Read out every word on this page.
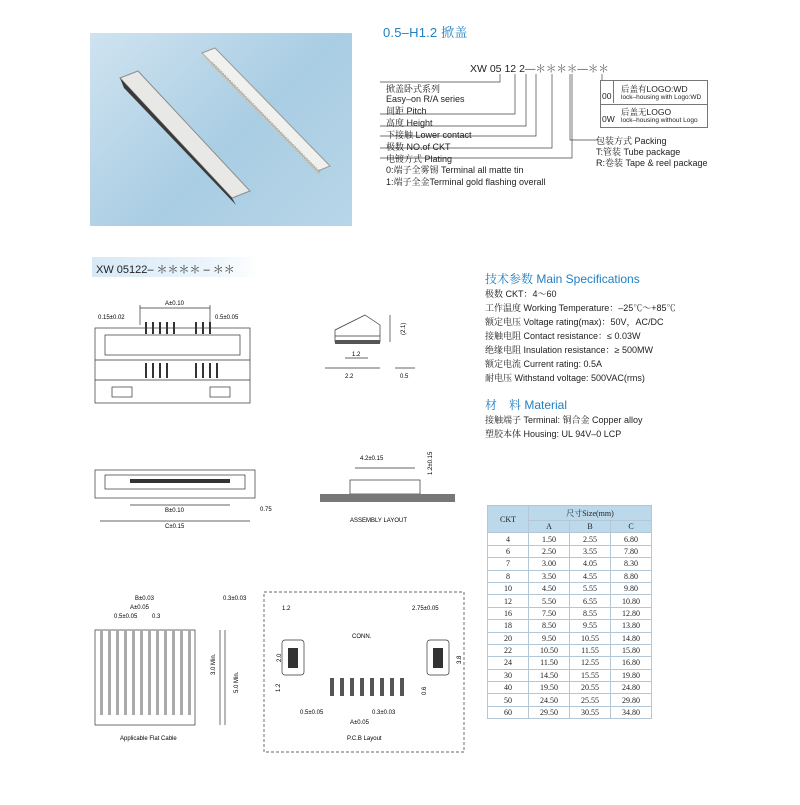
0.5–H1.2 掀盖
XW 05 12 2—＊＊＊＊—＊＊
掀盖卧式系列
Easy–on R/A series
间距 Pitch
高度 Height
下接触 Lower contact
极数 NO.of CKT
电镀方式 Plating
0:端子全雾锡 Terminal all matte tin
1:端子全金Terminal gold flashing overall
00
后盖有LOGO:WD
lock–housing with Logo:WD
0W
后盖无LOGO
lock–housing without Logo
包装方式 Packing
T:管装 Tube package
R:卷装 Tape & reel package
XW 05122– ＊＊＊＊ – ＊＊
技术参数 Main Specifications
极数 CKT：4～60
工作温度 Working Temperature：–25℃～+85℃
额定电压 Voltage rating(max)：50V，AC/DC
接触电阻 Contact resistance：≤ 0.03W
绝缘电阻 Insulation resistance：≥ 500MW
额定电流 Current rating: 0.5A
耐电压 Withstand voltage: 500VAC(rms)
材　料 Material
接触端子 Terminal: 铜合金 Copper alloy
塑胶本体 Housing: UL 94V–0 LCP
CKT	尺寸Size(mm)		
	A	B	C
4	1.50	2.55	6.80
6	2.50	3.55	7.80
7	3.00	4.05	8.30
8	3.50	4.55	8.80
10	4.50	5.55	9.80
12	5.50	6.55	10.80
16	7.50	8.55	12.80
18	8.50	9.55	13.80
20	9.50	10.55	14.80
22	10.50	11.55	15.80
24	11.50	12.55	16.80
30	14.50	15.55	19.80
40	19.50	20.55	24.80
50	24.50	25.55	29.80
60	29.50	30.55	34.80
A±0.10
0.15±0.02	0.5±0.05
(2.1)
1.2
2.2	0.5
B±0.10
C±0.15
0.75
4.2±0.15	1.2±0.15
ASSEMBLY LAYOUT
B±0.03
A±0.05
0.5±0.05 0.3
0.3±0.03
3.0 Min.
5.0 Min.
Applicable Flat Cable
1.2	2.75±0.05
CONN.
2.0	3.8
1.2	0.6
0.5±0.05	0.3±0.03
A±0.05
P.C.B Layout
